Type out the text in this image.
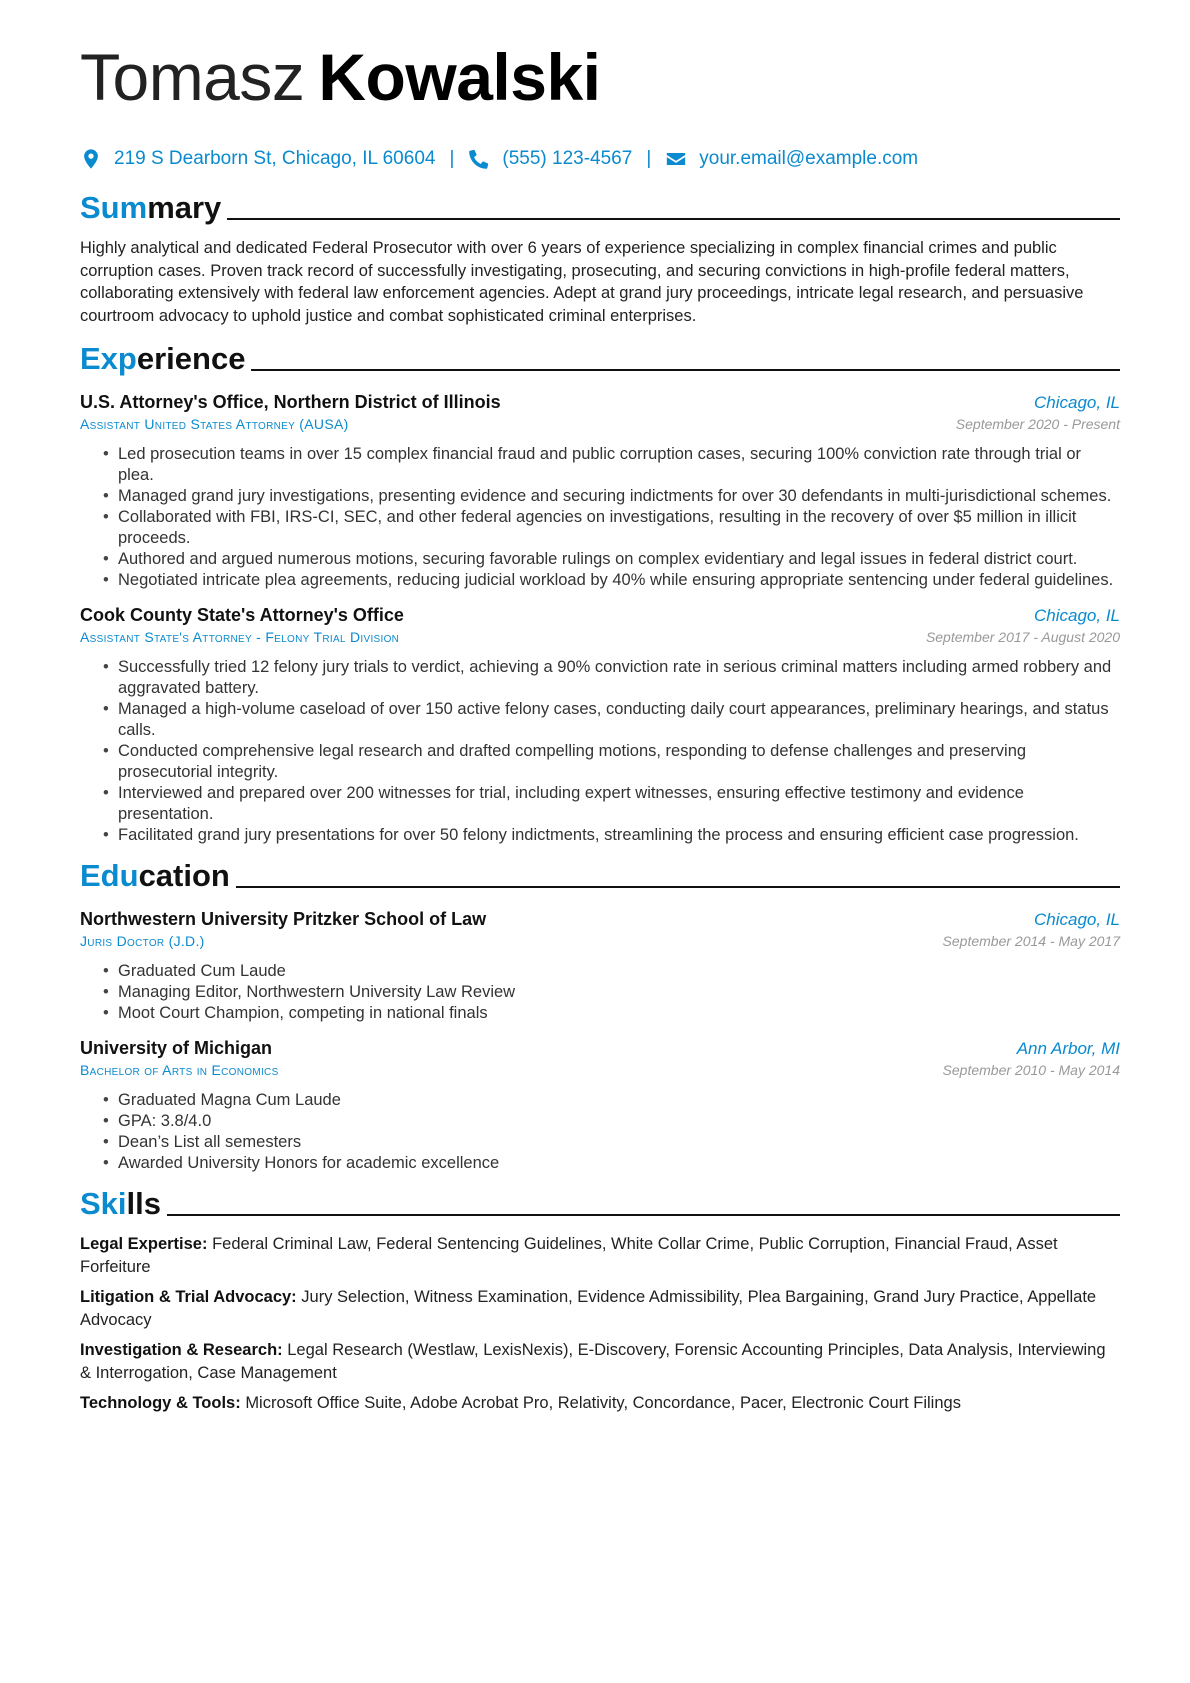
Tomasz Kowalski
219 S Dearborn St, Chicago, IL 60604 |	(555) 123-4567 |	your.email@example.com
Summary
Highly analytical and dedicated Federal Prosecutor with over 6 years of experience specializing in complex financial crimes and public corruption cases. Proven track record of successfully investigating, prosecuting, and securing convictions in high-profile federal matters, collaborating extensively with federal law enforcement agencies. Adept at grand jury proceedings, intricate legal research, and persuasive courtroom advocacy to uphold justice and combat sophisticated criminal enterprises.
Experience
U.S. Attorney's Office, Northern District of Illinois	Chicago, IL
Assistant United States Attorney (AUSA)	September 2020 - Present
• Led prosecution teams in over 15 complex financial fraud and public corruption cases, securing 100% conviction rate through trial or plea.
• Managed grand jury investigations, presenting evidence and securing indictments for over 30 defendants in multi-jurisdictional schemes.
• Collaborated with FBI, IRS-CI, SEC, and other federal agencies on investigations, resulting in the recovery of over $5 million in illicit proceeds.
• Authored and argued numerous motions, securing favorable rulings on complex evidentiary and legal issues in federal district court.
• Negotiated intricate plea agreements, reducing judicial workload by 40% while ensuring appropriate sentencing under federal guidelines.
Cook County State's Attorney's Office	Chicago, IL
Assistant State's Attorney - Felony Trial Division	September 2017 - August 2020
• Successfully tried 12 felony jury trials to verdict, achieving a 90% conviction rate in serious criminal matters including armed robbery and aggravated battery.
• Managed a high-volume caseload of over 150 active felony cases, conducting daily court appearances, preliminary hearings, and status calls.
• Conducted comprehensive legal research and drafted compelling motions, responding to defense challenges and preserving prosecutorial integrity.
• Interviewed and prepared over 200 witnesses for trial, including expert witnesses, ensuring effective testimony and evidence presentation.
• Facilitated grand jury presentations for over 50 felony indictments, streamlining the process and ensuring efficient case progression.
Education
Northwestern University Pritzker School of Law	Chicago, IL
Juris Doctor (J.D.)	September 2014 - May 2017
• Graduated Cum Laude
• Managing Editor, Northwestern University Law Review
• Moot Court Champion, competing in national finals
University of Michigan	Ann Arbor, MI
Bachelor of Arts in Economics	September 2010 - May 2014
• Graduated Magna Cum Laude
• GPA: 3.8/4.0
• Dean’s List all semesters
• Awarded University Honors for academic excellence
Skills
Legal Expertise: Federal Criminal Law, Federal Sentencing Guidelines, White Collar Crime, Public Corruption, Financial Fraud, Asset Forfeiture
Litigation & Trial Advocacy: Jury Selection, Witness Examination, Evidence Admissibility, Plea Bargaining, Grand Jury Practice, Appellate Advocacy
Investigation & Research: Legal Research (Westlaw, LexisNexis), E-Discovery, Forensic Accounting Principles, Data Analysis, Interviewing & Interrogation, Case Management
Technology & Tools: Microsoft Office Suite, Adobe Acrobat Pro, Relativity, Concordance, Pacer, Electronic Court Filings
